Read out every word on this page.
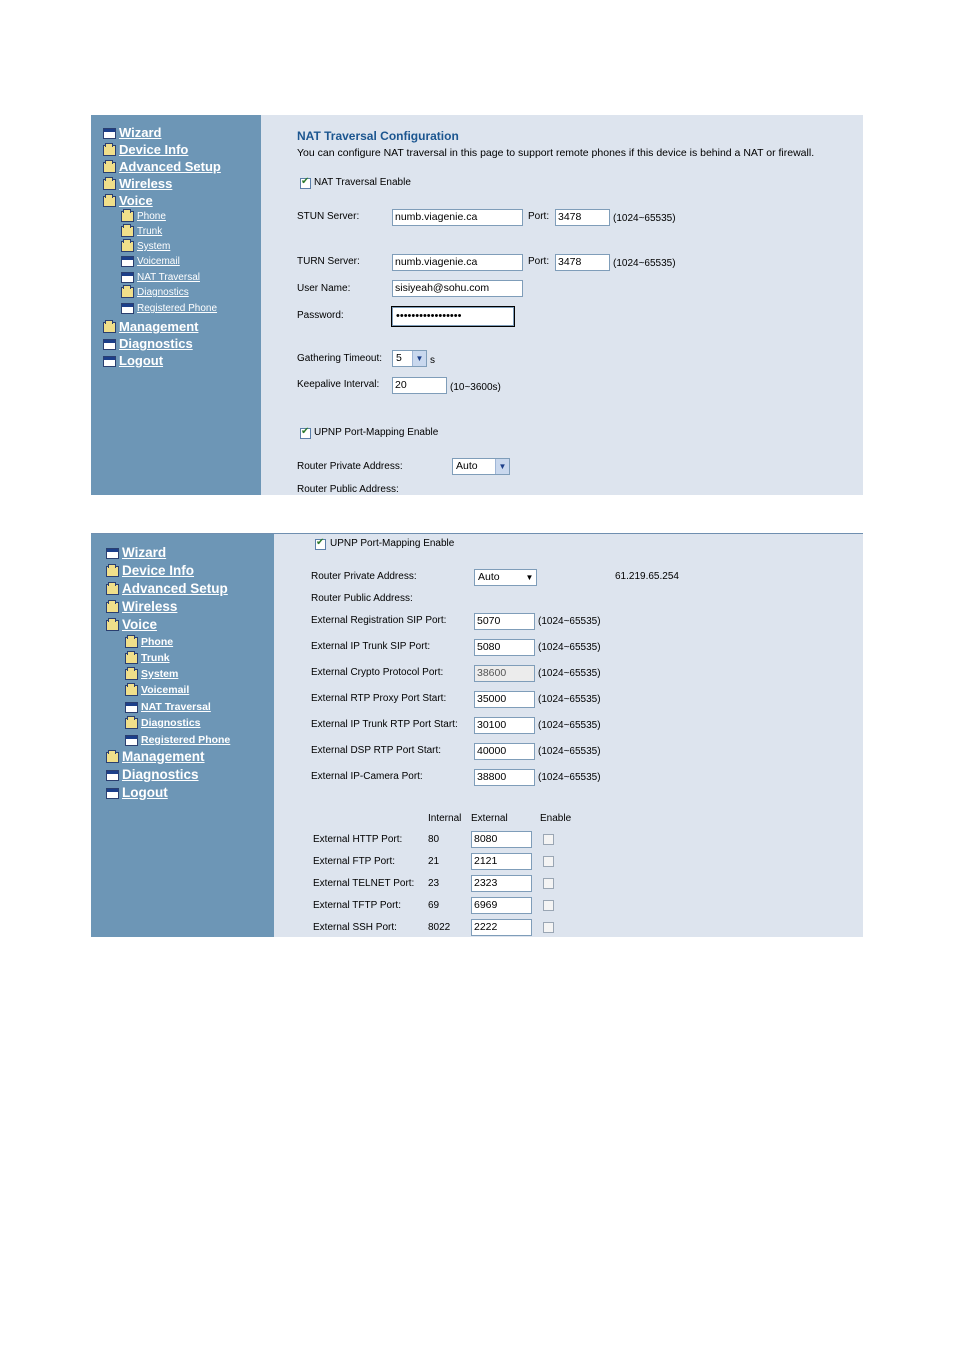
Wizard
Device Info
Advanced Setup
Wireless
Voice
Phone
Trunk
System
Voicemail
NAT Traversal
Diagnostics
Registered Phone
Management
Diagnostics
Logout
NAT Traversal Configuration
You can configure NAT traversal in this page to support remote phones if this device is behind a NAT or firewall.
✔
NAT Traversal Enable
STUN Server:	numb.viagenie.ca	Port: 3478	(1024~65535)
TURN Server:	numb.viagenie.ca	Port: 3478	(1024~65535)
User Name:	sisiyeah@sohu.com
Password:	•••••••••••••••••
Gathering Timeout:	5	▼ s
Keepalive Interval: 20	(10~3600s)
✔
UPNP Port-Mapping Enable
Router Private Address:	Auto	▼
Router Public Address:
Wizard
Device Info
Advanced Setup
Wireless
Voice
Phone
Trunk
System
Voicemail
NAT Traversal
Diagnostics
Registered Phone
Management
Diagnostics
Logout
✔
UPNP Port-Mapping Enable
Router Private Address:	Auto	▼	61.219.65.254
Router Public Address:
External Registration SIP Port:	5070	(1024~65535)
External IP Trunk SIP Port:	5080	(1024~65535)
External Crypto Protocol Port:	38600	(1024~65535)
External RTP Proxy Port Start:	35000	(1024~65535)
External IP Trunk RTP Port Start: 30100	(1024~65535)
External DSP RTP Port Start:	40000	(1024~65535)
External IP-Camera Port:	38800	(1024~65535)
Internal External	Enable
External HTTP Port:	80	8080
External FTP Port:	21	2121
External TELNET Port: 23	2323
External TFTP Port:	69	6969
External SSH Port:	8022 2222
